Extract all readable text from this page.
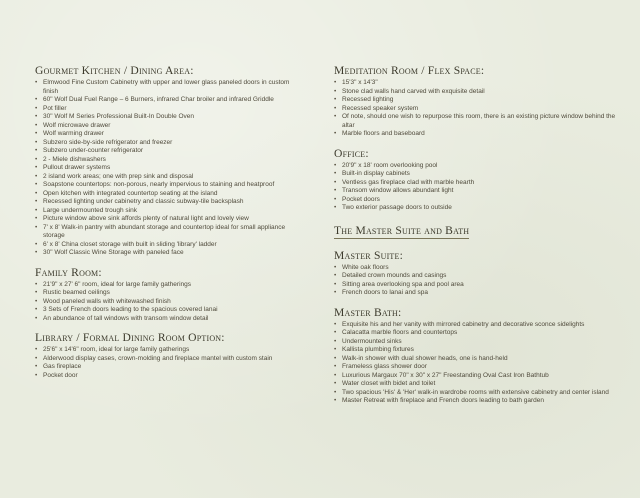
Gourmet Kitchen / Dining Area:
• Elmwood Fine Custom Cabinetry with upper and lower glass paneled doors in custom finish
• 60" Wolf Dual Fuel Range – 6 Burners, infrared Char broiler and infrared Griddle
• Pot filler
• 30" Wolf M Series Professional Built-In Double Oven
• Wolf microwave drawer
• Wolf warming drawer
• Subzero side-by-side refrigerator and freezer
• Subzero under-counter refrigerator
• 2 - Miele dishwashers
• Pullout drawer systems
• 2 island work areas; one with prep sink and disposal
• Soapstone countertops: non-porous, nearly impervious to staining and heatproof
• Open kitchen with integrated countertop seating at the island
• Recessed lighting under cabinetry and classic subway-tile backsplash
• Large undermounted trough sink
• Picture window above sink affords plenty of natural light and lovely view
• 7' x 8' Walk-in pantry with abundant storage and countertop ideal for small appliance storage
• 6' x 8' China closet storage with built in sliding 'library' ladder
• 30" Wolf Classic Wine Storage with paneled face
Family Room:
• 21'9" x 27' 6" room, ideal for large family gatherings
• Rustic beamed ceilings
• Wood paneled walls with whitewashed finish
• 3 Sets of French doors leading to the spacious covered lanai
• An abundance of tall windows with transom window detail
Library / Formal Dining Room Option:
• 25'6" x 14'6" room, ideal for large family gatherings
• Alderwood display cases, crown-molding and fireplace mantel with custom stain
• Gas fireplace
• Pocket door
Meditation Room / Flex Space:
• 15'3" x 14'3"
• Stone clad walls hand carved with exquisite detail
• Recessed lighting
• Recessed speaker system
• Of note, should one wish to repurpose this room, there is an existing picture window behind the altar
• Marble floors and baseboard
Office:
• 20'9" x 18' room overlooking pool
• Built-in display cabinets
• Ventless gas fireplace clad with marble hearth
• Transom window allows abundant light
• Pocket doors
• Two exterior passage doors to outside
The Master Suite and Bath
Master Suite:
• White oak floors
• Detailed crown mounds and casings
• Sitting area overlooking spa and pool area
• French doors to lanai and spa
Master Bath:
• Exquisite his and her vanity with mirrored cabinetry and decorative sconce sidelights
• Calacatta marble floors and countertops
• Undermounted sinks
• Kallista plumbing fixtures
• Walk-in shower with dual shower heads, one is hand-held
• Frameless glass shower door
• Luxurious Margaux 70" x 30" x 27" Freestanding Oval Cast Iron Bathtub
• Water closet with bidet and toilet
• Two spacious 'His' & 'Her' walk-in wardrobe rooms with extensive cabinetry and center island
• Master Retreat with fireplace and French doors leading to bath garden
